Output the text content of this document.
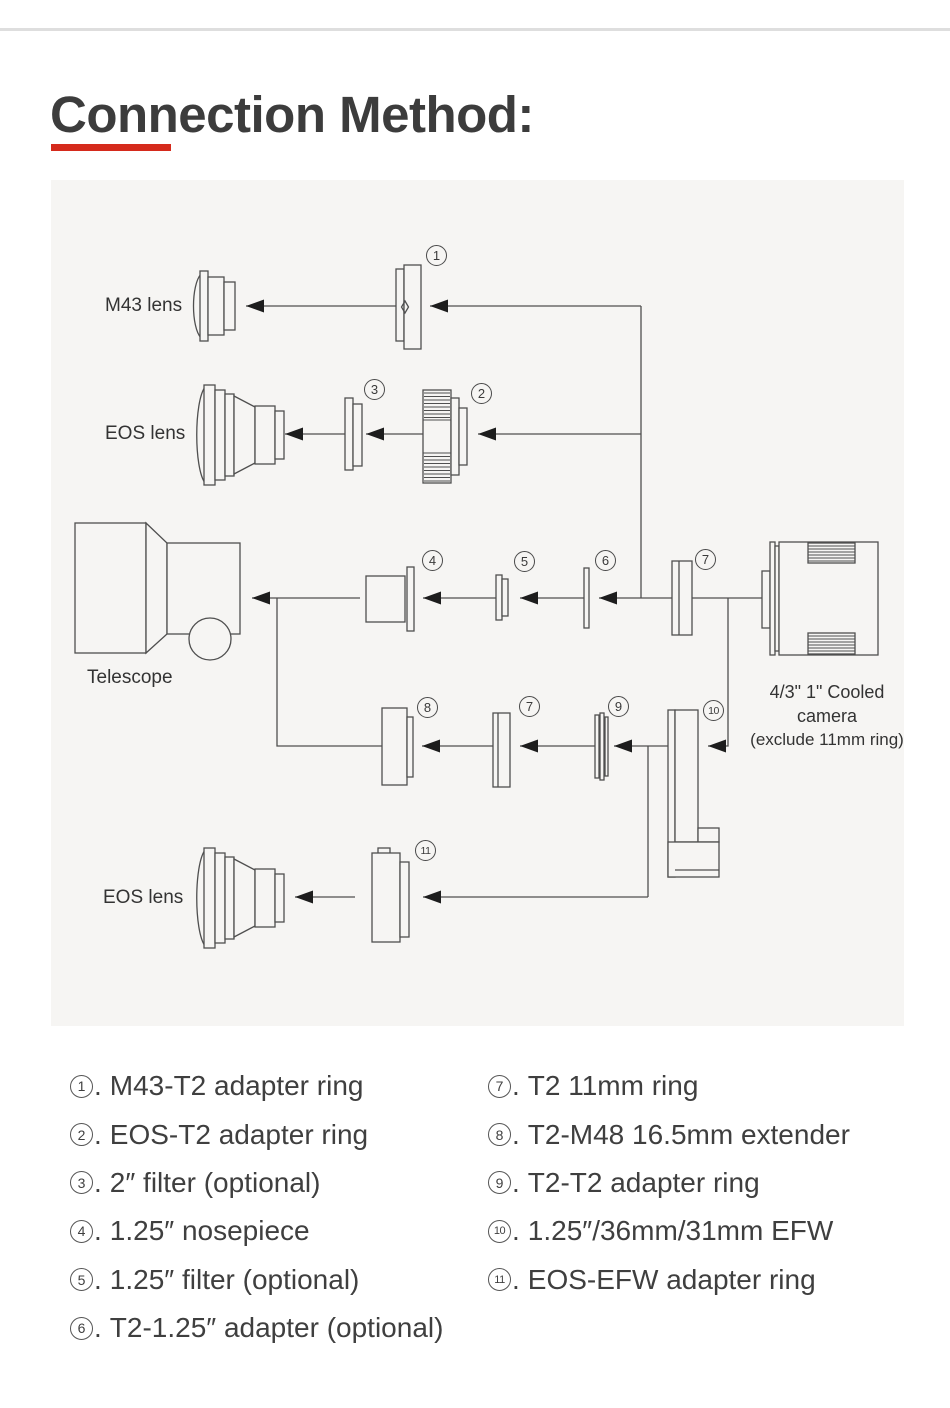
Connection Method:
M43 lens
EOS lens
Telescope
EOS lens
4/3" 1" Cooled camera
(exclude 11mm ring)
1
2
3
4	5	6	7
8	7	9	10
11
1 . M43-T2 adapter ring
2 . EOS-T2 adapter ring
3 . 2″ filter (optional)
4 . 1.25″ nosepiece
5 . 1.25″ filter (optional)
6 . T2-1.25″ adapter (optional)
7 . T2 11mm ring
8 . T2-M48 16.5mm extender
9 . T2-T2 adapter ring
10 . 1.25″/36mm/31mm EFW
11 . EOS-EFW adapter ring
